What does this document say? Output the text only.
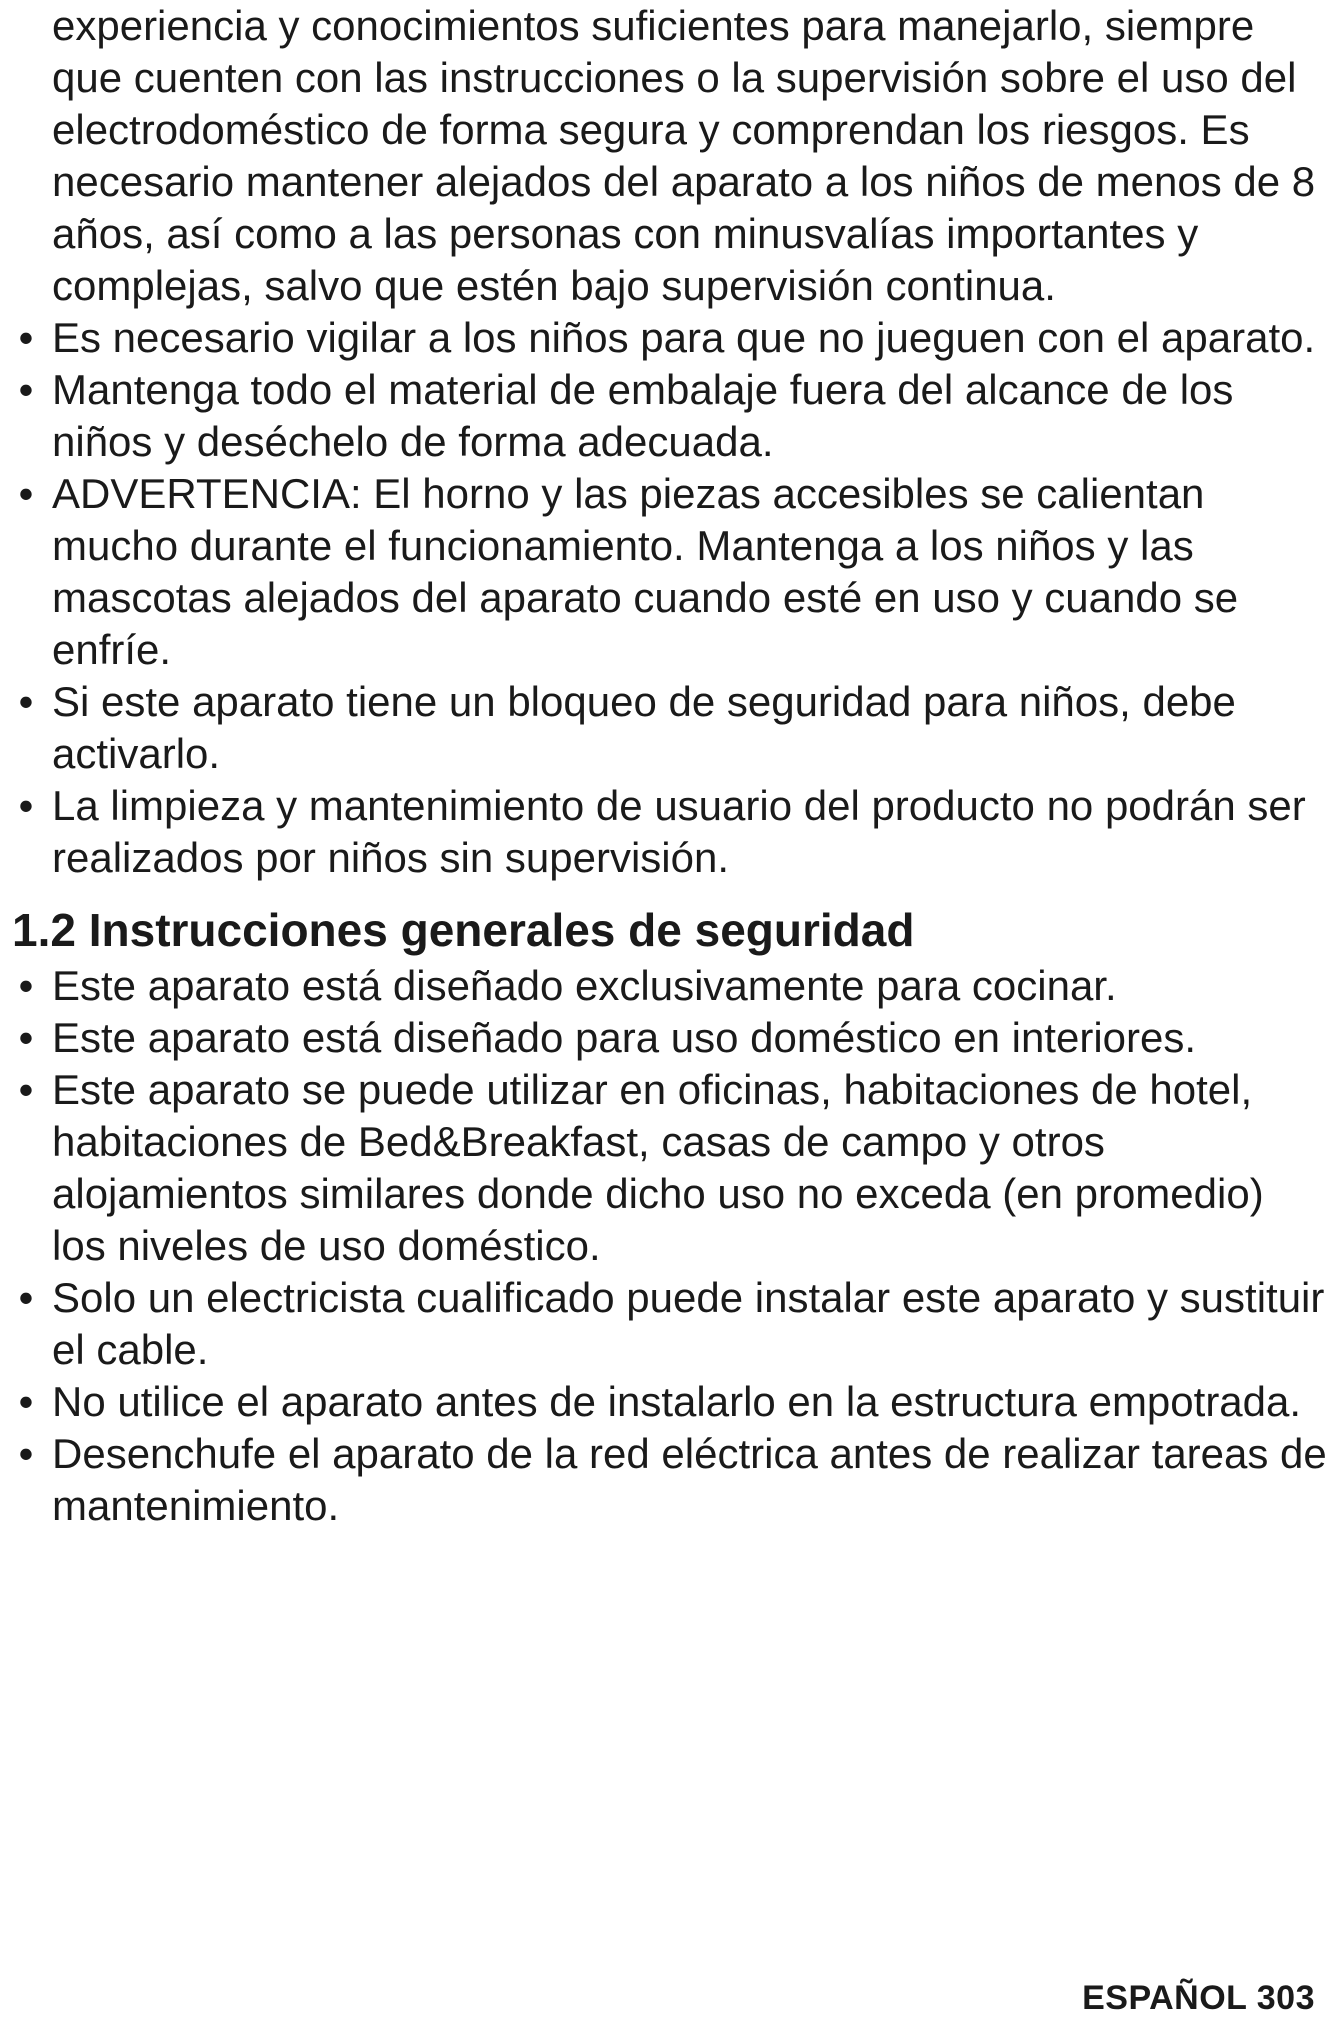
experiencia y conocimientos suficientes para manejarlo, siempre que cuenten con las instrucciones o la supervisión sobre el uso del electrodoméstico de forma segura y comprendan los riesgos. Es necesario mantener alejados del aparato a los niños de menos de 8 años, así como a las personas con minusvalías importantes y complejas, salvo que estén bajo supervisión continua.

• Es necesario vigilar a los niños para que no jueguen con el aparato.
• Mantenga todo el material de embalaje fuera del alcance de los niños y deséchelo de forma adecuada.
• ADVERTENCIA: El horno y las piezas accesibles se calientan mucho durante el funcionamiento. Mantenga a los niños y las mascotas alejados del aparato cuando esté en uso y cuando se enfríe.
• Si este aparato tiene un bloqueo de seguridad para niños, debe activarlo.
• La limpieza y mantenimiento de usuario del producto no podrán ser realizados por niños sin supervisión.
1.2 Instrucciones generales de seguridad
• Este aparato está diseñado exclusivamente para cocinar.
• Este aparato está diseñado para uso doméstico en interiores.
• Este aparato se puede utilizar en oficinas, habitaciones de hotel, habitaciones de Bed&Breakfast, casas de campo y otros alojamientos similares donde dicho uso no exceda (en promedio) los niveles de uso doméstico.
• Solo un electricista cualificado puede instalar este aparato y sustituir el cable.
• No utilice el aparato antes de instalarlo en la estructura empotrada.
• Desenchufe el aparato de la red eléctrica antes de realizar tareas de mantenimiento.
ESPAÑOL 303
